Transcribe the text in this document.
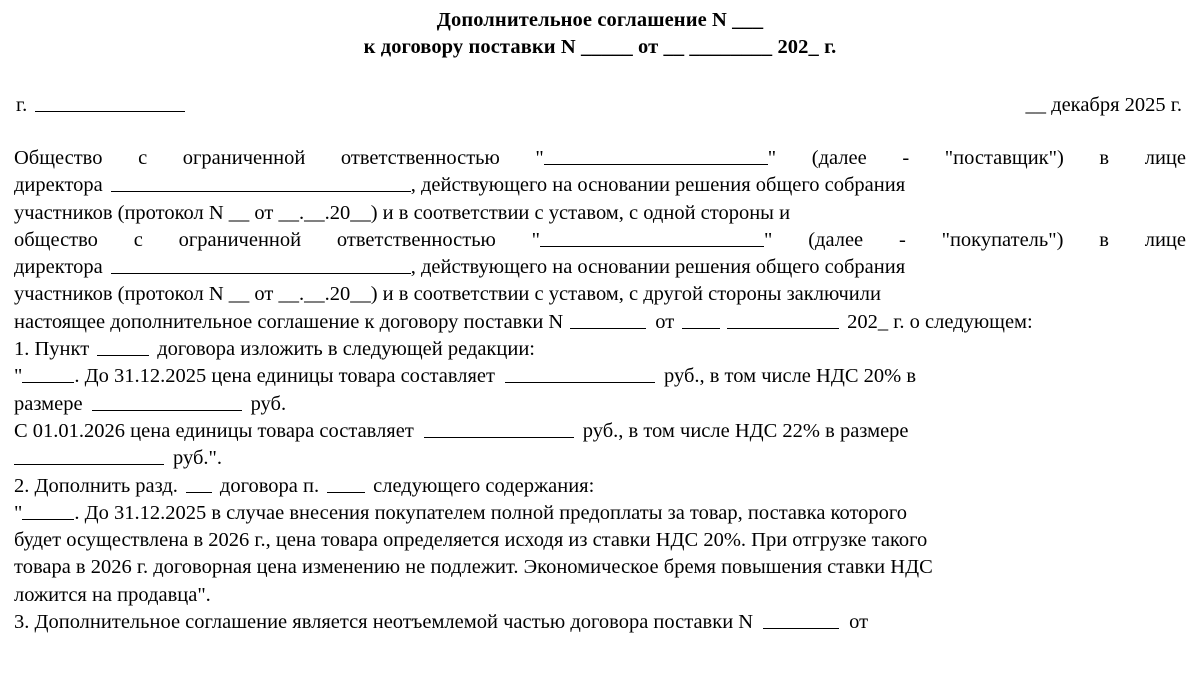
Дополнительное соглашение N ___
к договору поставки N _____ от __ ________ 202_ г.
г.	__ декабря 2025 г.
Общество с ограниченной ответственностью "	" (далее - "поставщик") в лице
директора	, действующего на основании решения общего собрания
участников (протокол N __ от __.__.20__) и в соответствии с уставом, с одной стороны и
общество с ограниченной ответственностью "	" (далее - "покупатель") в лице
директора	, действующего на основании решения общего собрания
участников (протокол N __ от __.__.20__) и в соответствии с уставом, с другой стороны заключили
настоящее дополнительное соглашение к договору поставки N	от	202_ г. о следующем:
1. Пункт	договора изложить в следующей редакции:
"	. До 31.12.2025 цена единицы товара составляет	руб., в том числе НДС 20% в
размере	руб.
С 01.01.2026 цена единицы товара составляет	руб., в том числе НДС 22% в размере
руб.".
2. Дополнить разд. договора п.	следующего содержания:
"	. До 31.12.2025 в случае внесения покупателем полной предоплаты за товар, поставка которого
будет осуществлена в 2026 г., цена товара определяется исходя из ставки НДС 20%. При отгрузке такого
товара в 2026 г. договорная цена изменению не подлежит. Экономическое бремя повышения ставки НДС
ложится на продавца".
3. Дополнительное соглашение является неотъемлемой частью договора поставки N	от
